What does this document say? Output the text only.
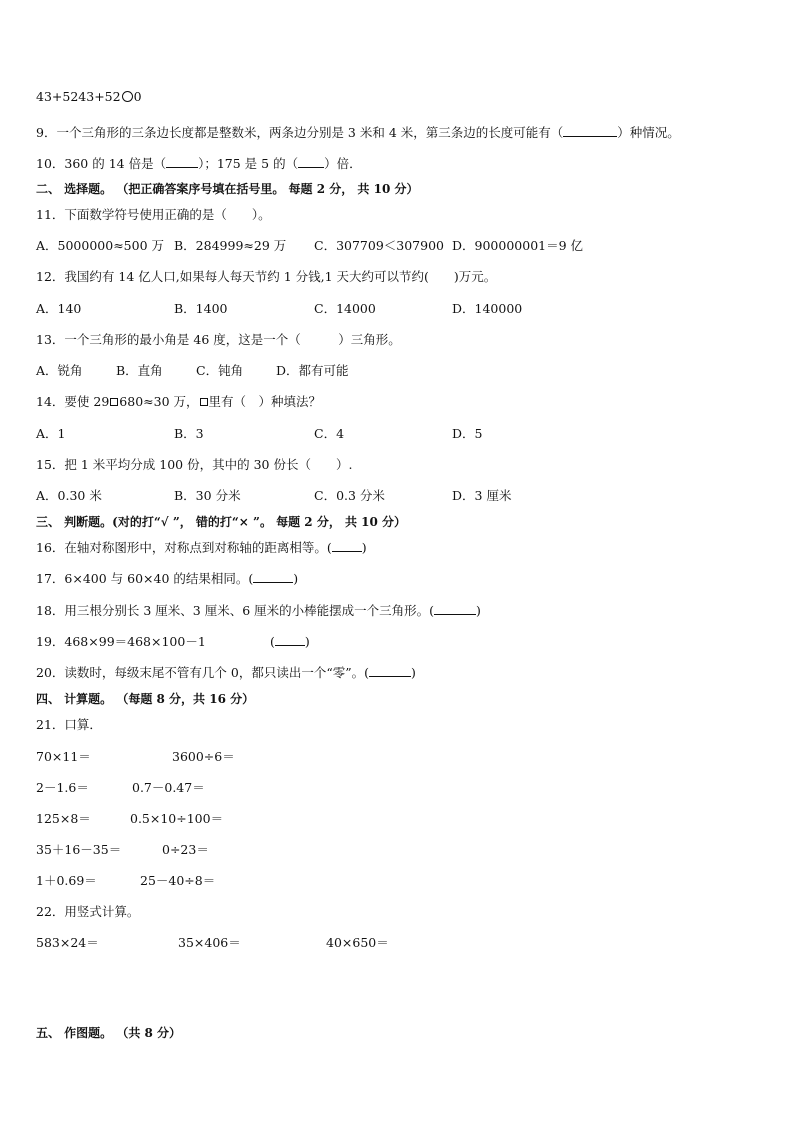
43+5243+52 0
9．一个三角形的三条边长度都是整数米，两条边分别是 3 米和 4 米，第三条边的长度可能有（	）种情况。
10．360 的 14 倍是（	）；175 是 5 的（ ）倍．
二、 选择题。 （把正确答案序号填在括号里。 每题 2 分， 共 10 分）
11．下面数学符号使用正确的是（　　）。
A．5000000≈500 万 B．284999≈29 万 C．307709＜307900 D．900000001＝9 亿
12．我国约有 14 亿人口,如果每人每天节约 1 分钱,1 天大约可以节约(　　)万元。
A．140	B．1400	C．14000	D．140000
13．一个三角形的最小角是 46 度，这是一个（　　　）三角形。
A．锐角	B．直角	C．钝角	D．都有可能
14．要使 29 680≈30 万， 里有（　）种填法？
A．1	B．3	C．4	D．5
15．把 1 米平均分成 100 份，其中的 30 份长（　　）.
A．0.30 米	B．30 分米	C．0.3 分米	D．3 厘米
三、 判断题。(对的打“√ ”， 错的打“× ”。 每题 2 分， 共 10 分）
16．在轴对称图形中，对称点到对称轴的距离相等。( )
17．6×400 与 60×40 的结果相同。(	)
18．用三根分别长 3 厘米、3 厘米、6 厘米的小棒能摆成一个三角形。(	)
19．468×99＝468×100－1	( )
20．读数时，每级末尾不管有几个 0，都只读出一个“零”。(	)
四、 计算题。 （每题 8 分，共 16 分）
21．口算．
70×11＝	3600÷6＝
2－1.6＝	0.7－0.47＝
125×8＝	0.5×10÷100＝
35＋16－35＝	0÷23＝
1＋0.69＝	25－40÷8＝
22．用竖式计算。
583×24＝	35×406＝	40×650＝
五、 作图题。 （共 8 分）
